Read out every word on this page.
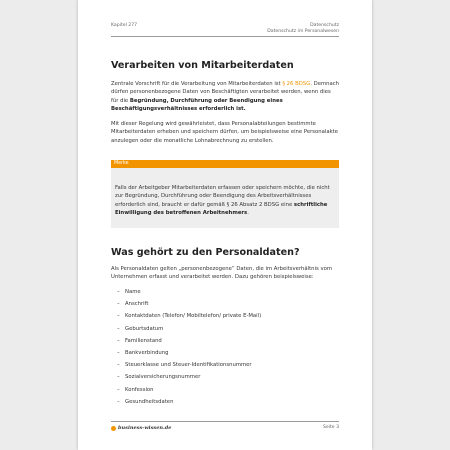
Kapitel 277	Datenschutz
Datenschutz im Personalwesen
Verarbeiten von Mitarbeiterdaten

Zentrale Vorschrift für die Verarbeitung von Mitarbeiterdaten ist § 26 BDSG. Demnach dürfen personenbezogene Daten von Beschäftigten verarbeitet werden, wenn dies für die Begründung, Durchführung oder Beendigung eines Beschäftigungsverhältnisses erforderlich ist.

Mit dieser Regelung wird gewährleistet, dass Personalabteilungen bestimmte Mitarbeiterdaten erheben und speichern dürfen, um beispielsweise eine Personalakte anzulegen oder die monatliche Lohnabrechnung zu erstellen.

Merke

Falls der Arbeitgeber Mitarbeiterdaten erfassen oder speichern möchte, die nicht zur Begründung, Durchführung oder Beendigung des Arbeitsverhältnisses erforderlich sind, braucht er dafür gemäß § 26 Absatz 2 BDSG eine schriftliche Einwilligung des betroffenen Arbeitnehmers.

Was gehört zu den Personaldaten?

Als Personaldaten gelten „personenbezogene“ Daten, die im Arbeitsverhältnis vom Unternehmen erfasst und verarbeitet werden. Dazu gehören beispielsweise:

– Name
– Anschrift
– Kontaktdaten (Telefon/ Mobiltelefon/ private E-Mail)
– Geburtsdatum
– Familienstand
– Bankverbindung
– Steuerklasse und Steuer-Identifikationsnummer
– Sozialversicherungsnummer
– Konfession
– Gesundheitsdaten
business-wissen.de	Seite 3
